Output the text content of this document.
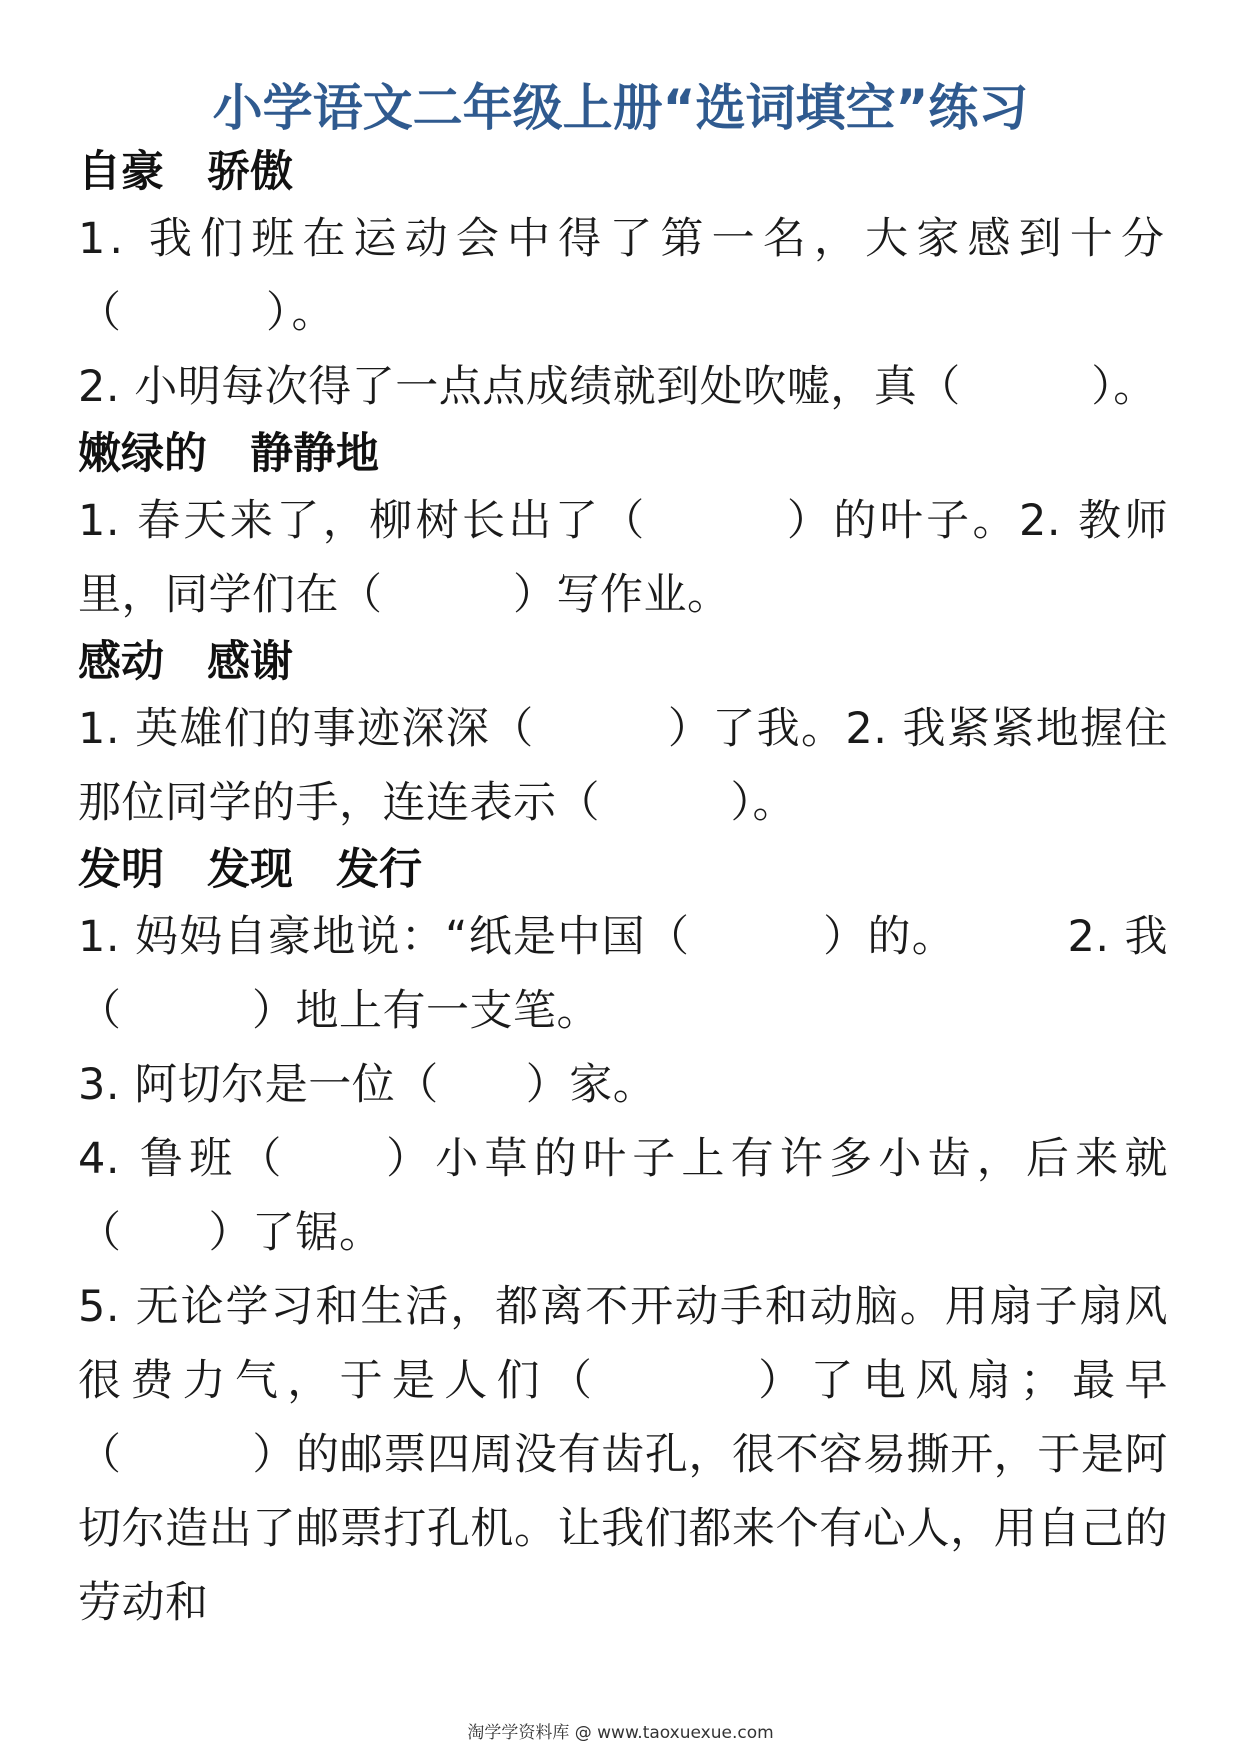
小学语文二年级上册“选词填空”练习

自豪　骄傲

1. 我们班在运动会中得了第一名，大家感到十分（　　　）。

2. 小明每次得了一点点成绩就到处吹嘘，真（　　　）。

嫩绿的　静静地

1. 春天来了，柳树长出了（　　　）的叶子。2. 教师里，同学们在（　　　）写作业。

感动　感谢

1. 英雄们的事迹深深（　　　）了我。2. 我紧紧地握住那位同学的手，连连表示（　　　）。

发明　发现　发行

1. 妈妈自豪地说：“纸是中国（　　　）的。　　　2. 我（　　　）地上有一支笔。

3. 阿切尔是一位（　　）家。

4. 鲁班（　　）小草的叶子上有许多小齿，后来就（　　）了锯。

5. 无论学习和生活，都离不开动手和动脑。用扇子扇风很费力气，于是人们（　　　）了电风扇；最早（　　　）的邮票四周没有齿孔，很不容易撕开，于是阿切尔造出了邮票打孔机。让我们都来个有心人，用自己的劳动和

淘学学资料库 @ www.taoxuexue.com
